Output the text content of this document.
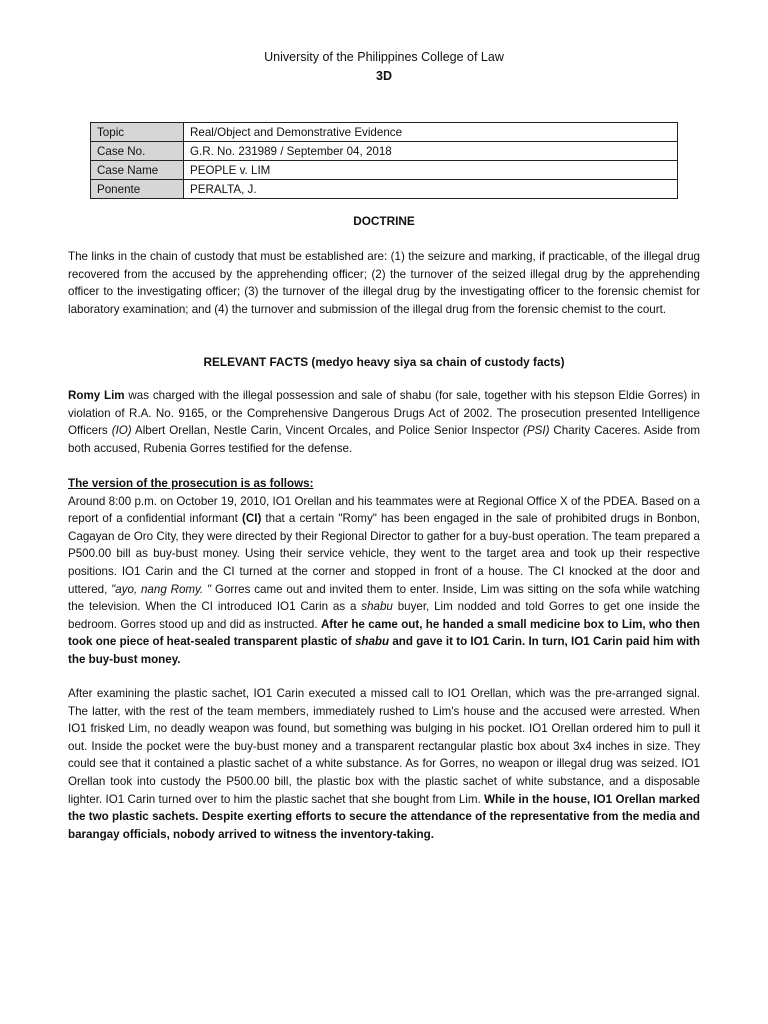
University of the Philippines College of Law
3D
Topic	Real/Object and Demonstrative Evidence
Case No.	G.R. No. 231989 / September 04, 2018
Case Name	PEOPLE v. LIM
Ponente	PERALTA, J.
DOCTRINE

The links in the chain of custody that must be established are: (1) the seizure and marking, if practicable, of the illegal drug recovered from the accused by the apprehending officer; (2) the turnover of the seized illegal drug by the apprehending officer to the investigating officer; (3) the turnover of the illegal drug by the investigating officer to the forensic chemist for laboratory examination; and (4) the turnover and submission of the illegal drug from the forensic chemist to the court.

RELEVANT FACTS (medyo heavy siya sa chain of custody facts)

Romy Lim was charged with the illegal possession and sale of shabu (for sale, together with his stepson Eldie Gorres) in violation of R.A. No. 9165, or the Comprehensive Dangerous Drugs Act of 2002. The prosecution presented Intelligence Officers (IO) Albert Orellan, Nestle Carin, Vincent Orcales, and Police Senior Inspector (PSI) Charity Caceres. Aside from both accused, Rubenia Gorres testified for the defense.

The version of the prosecution is as follows:

Around 8:00 p.m. on October 19, 2010, IO1 Orellan and his teammates were at Regional Office X of the PDEA. Based on a report of a confidential informant (CI) that a certain "Romy" has been engaged in the sale of prohibited drugs in Bonbon, Cagayan de Oro City, they were directed by their Regional Director to gather for a buy-bust operation. The team prepared a P500.00 bill as buy-bust money. Using their service vehicle, they went to the target area and took up their respective positions. IO1 Carin and the CI turned at the corner and stopped in front of a house. The CI knocked at the door and uttered, "ayo, nang Romy. " Gorres came out and invited them to enter. Inside, Lim was sitting on the sofa while watching the television. When the CI introduced IO1 Carin as a shabu buyer, Lim nodded and told Gorres to get one inside the bedroom. Gorres stood up and did as instructed. After he came out, he handed a small medicine box to Lim, who then took one piece of heat-sealed transparent plastic of shabu and gave it to IO1 Carin. In turn, IO1 Carin paid him with the buy-bust money.

After examining the plastic sachet, IO1 Carin executed a missed call to IO1 Orellan, which was the pre-arranged signal. The latter, with the rest of the team members, immediately rushed to Lim's house and the accused were arrested. When IO1 frisked Lim, no deadly weapon was found, but something was bulging in his pocket. IO1 Orellan ordered him to pull it out. Inside the pocket were the buy-bust money and a transparent rectangular plastic box about 3x4 inches in size. They could see that it contained a plastic sachet of a white substance. As for Gorres, no weapon or illegal drug was seized. IO1 Orellan took into custody the P500.00 bill, the plastic box with the plastic sachet of white substance, and a disposable lighter. IO1 Carin turned over to him the plastic sachet that she bought from Lim. While in the house, IO1 Orellan marked the two plastic sachets. Despite exerting efforts to secure the attendance of the representative from the media and barangay officials, nobody arrived to witness the inventory-taking.
